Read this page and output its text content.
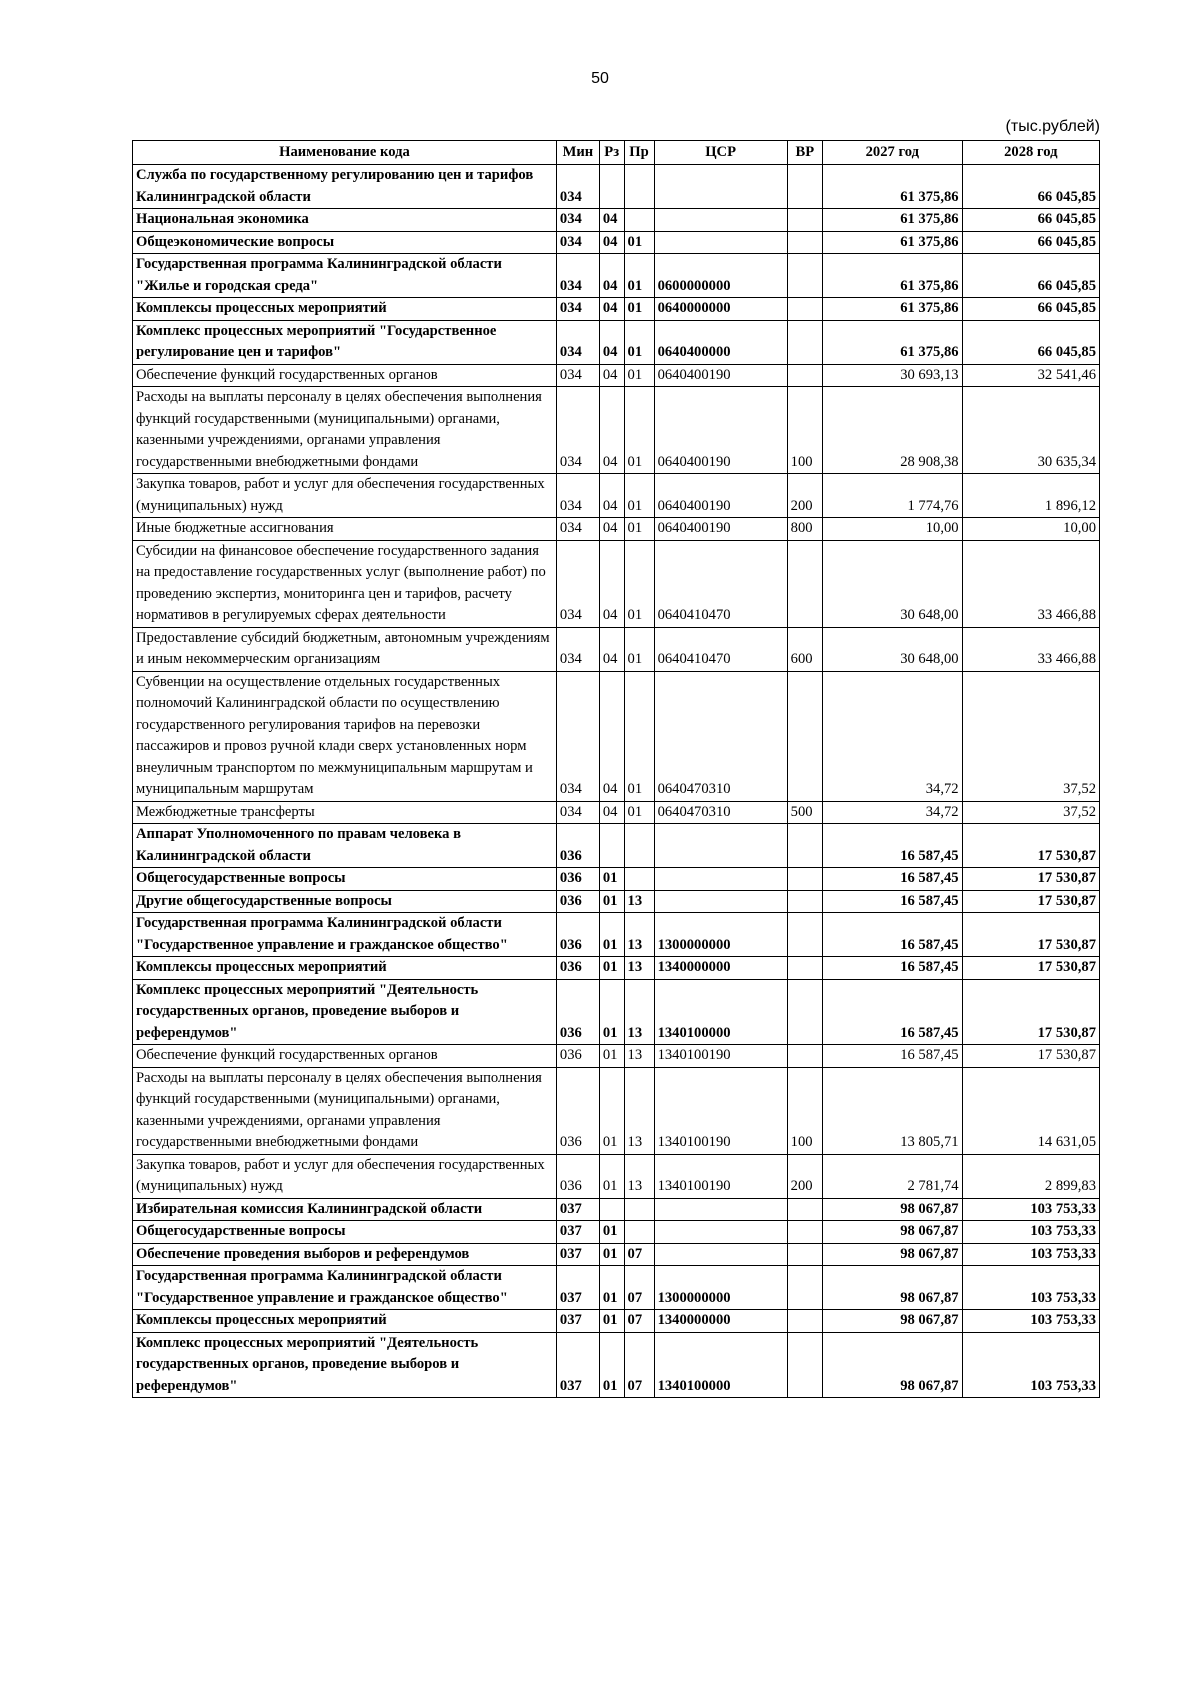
50
(тыс.рублей)
Наименование кода	Мин	Рз	Пр	ЦСР	ВР	2027 год	2028 год
Служба по государственному регулированию цен и тарифов Калининградской области	034					61 375,86	66 045,85
Национальная экономика	034	04				61 375,86	66 045,85
Общеэкономические вопросы	034	04	01			61 375,86	66 045,85
Государственная программа Калининградской области "Жилье и городская среда"	034	04	01	0600000000		61 375,86	66 045,85
Комплексы процессных мероприятий	034	04	01	0640000000		61 375,86	66 045,85
Комплекс процессных мероприятий "Государственное регулирование цен и тарифов"	034	04	01	0640400000		61 375,86	66 045,85
Обеспечение функций государственных органов	034	04	01	0640400190		30 693,13	32 541,46
Расходы на выплаты персоналу в целях обеспечения выполнения функций государственными (муниципальными) органами, казенными учреждениями, органами управления государственными внебюджетными фондами	034	04	01	0640400190	100	28 908,38	30 635,34
Закупка товаров, работ и услуг для обеспечения государственных (муниципальных) нужд	034	04	01	0640400190	200	1 774,76	1 896,12
Иные бюджетные ассигнования	034	04	01	0640400190	800	10,00	10,00
Субсидии на финансовое обеспечение государственного задания на предоставление государственных услуг (выполнение работ) по проведению экспертиз, мониторинга цен и тарифов, расчету нормативов в регулируемых сферах деятельности	034	04	01	0640410470		30 648,00	33 466,88
Предоставление субсидий бюджетным, автономным учреждениям и иным некоммерческим организациям	034	04	01	0640410470	600	30 648,00	33 466,88
Субвенции на осуществление отдельных государственных полномочий Калининградской области по осуществлению государственного регулирования тарифов на перевозки пассажиров и провоз ручной клади сверх установленных норм внеуличным транспортом по межмуниципальным маршрутам и муниципальным маршрутам	034	04	01	0640470310		34,72	37,52
Межбюджетные трансферты	034	04	01	0640470310	500	34,72	37,52
Аппарат Уполномоченного по правам человека в Калининградской области	036					16 587,45	17 530,87
Общегосударственные вопросы	036	01				16 587,45	17 530,87
Другие общегосударственные вопросы	036	01	13			16 587,45	17 530,87
Государственная программа Калининградской области "Государственное управление и гражданское общество"	036	01	13	1300000000		16 587,45	17 530,87
Комплексы процессных мероприятий	036	01	13	1340000000		16 587,45	17 530,87
Комплекс процессных мероприятий "Деятельность государственных органов, проведение выборов и референдумов"	036	01	13	1340100000		16 587,45	17 530,87
Обеспечение функций государственных органов	036	01	13	1340100190		16 587,45	17 530,87
Расходы на выплаты персоналу в целях обеспечения выполнения функций государственными (муниципальными) органами, казенными учреждениями, органами управления государственными внебюджетными фондами	036	01	13	1340100190	100	13 805,71	14 631,05
Закупка товаров, работ и услуг для обеспечения государственных (муниципальных) нужд	036	01	13	1340100190	200	2 781,74	2 899,83
Избирательная комиссия Калининградской области	037					98 067,87	103 753,33
Общегосударственные вопросы	037	01				98 067,87	103 753,33
Обеспечение проведения выборов и референдумов	037	01	07			98 067,87	103 753,33
Государственная программа Калининградской области "Государственное управление и гражданское общество"	037	01	07	1300000000		98 067,87	103 753,33
Комплексы процессных мероприятий	037	01	07	1340000000		98 067,87	103 753,33
Комплекс процессных мероприятий "Деятельность государственных органов, проведение выборов и референдумов"	037	01	07	1340100000		98 067,87	103 753,33
